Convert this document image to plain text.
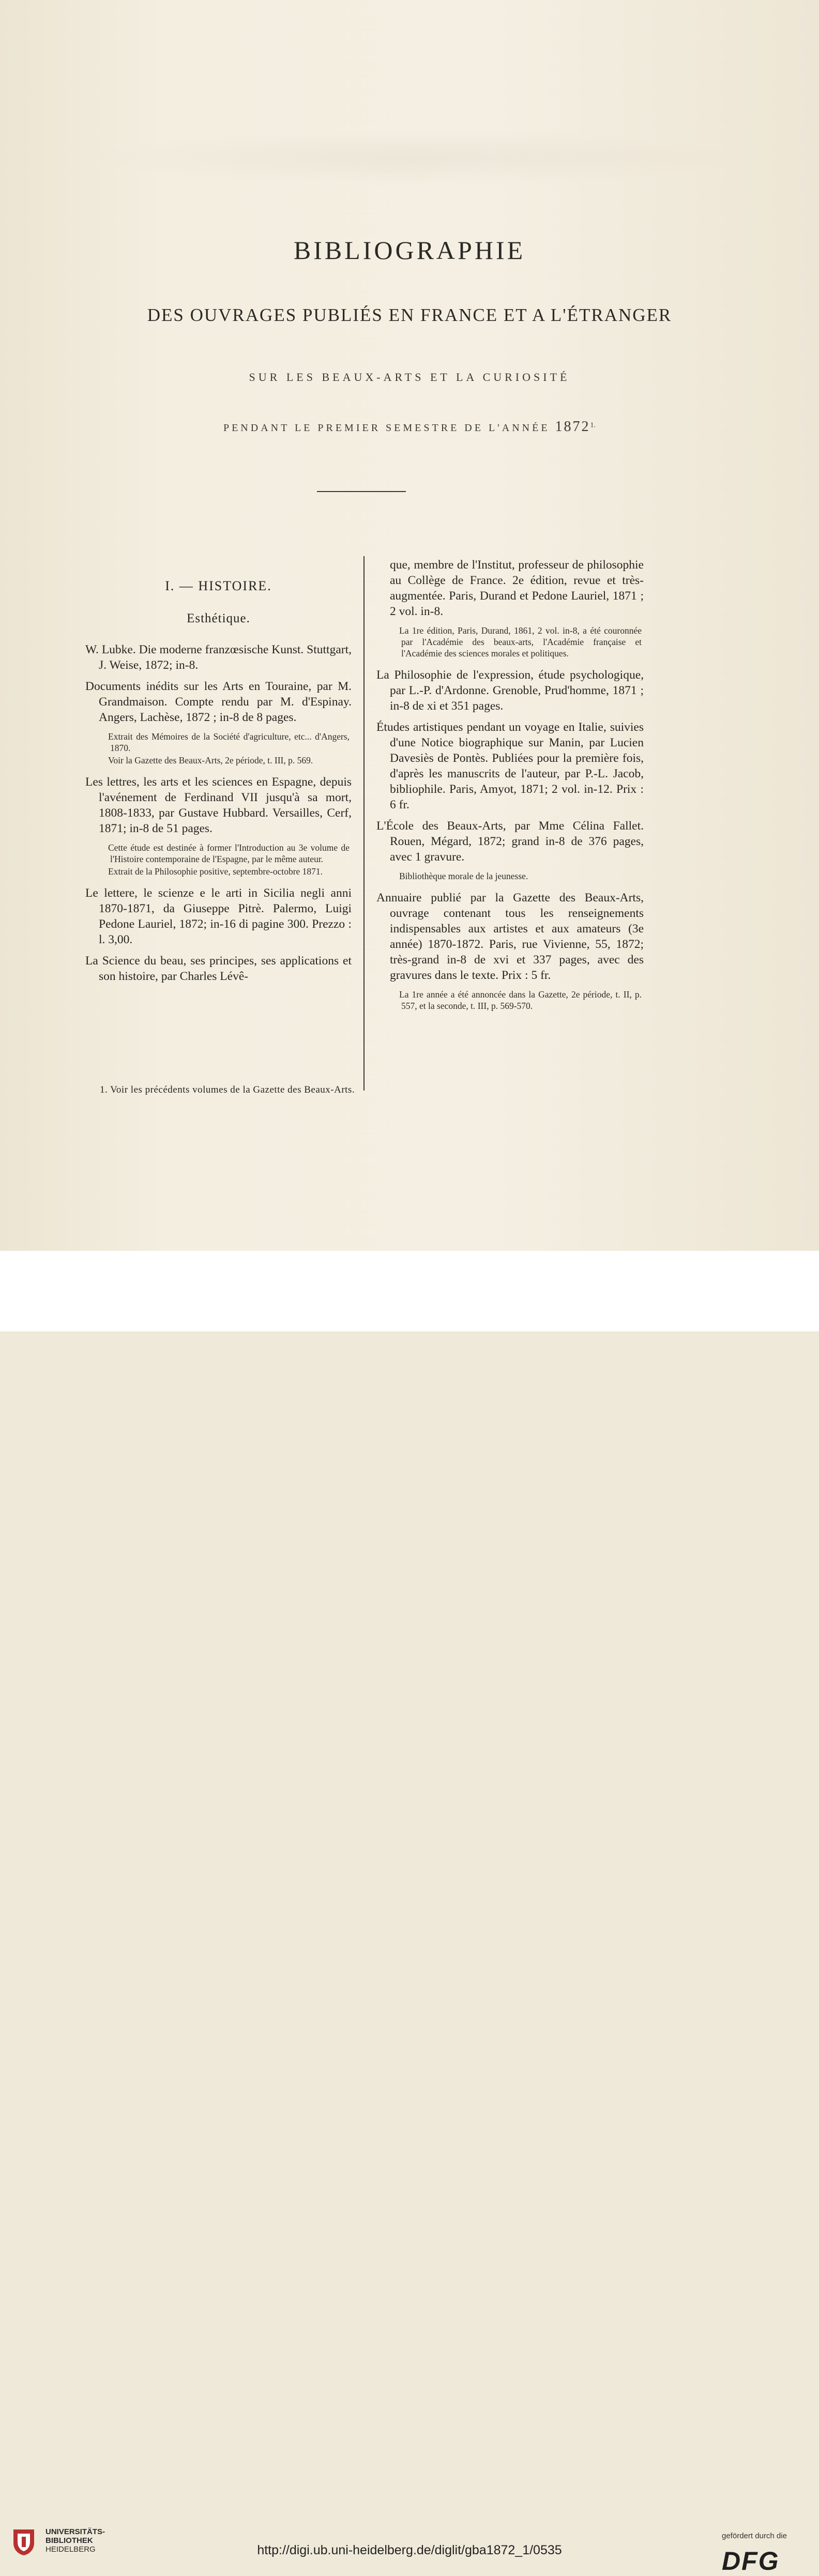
BIBLIOGRAPHIE
DES OUVRAGES PUBLIÉS EN FRANCE ET A L'ÉTRANGER
SUR LES BEAUX-ARTS ET LA CURIOSITÉ
PENDANT LE PREMIER SEMESTRE DE L'ANNÉE $1872^{1.}$
I. — HISTOIRE.
Esthétique.
W. Lubke. Die moderne franzœsische Kunst. Stuttgart, J. Weise, 1872; in-8.
Documents inédits sur les Arts en Touraine, par M. Grandmaison. Compte rendu par M. d'Espinay. Angers, Lachèse, 1872 ; in-8 de 8 pages.
Extrait des Mémoires de la Société d'agriculture, etc... d'Angers, 1870.
Voir la Gazette des Beaux-Arts, 2e période, t. III, p. 569.
Les lettres, les arts et les sciences en Espagne, depuis l'avénement de Ferdinand VII jusqu'à sa mort, 1808-1833, par Gustave Hubbard. Versailles, Cerf, 1871; in-8 de 51 pages.
Cette étude est destinée à former l'Introduction au 3e volume de l'Histoire contemporaine de l'Espagne, par le même auteur.
Extrait de la Philosophie positive, septembre-octobre 1871.
Le lettere, le scienze e le arti in Sicilia negli anni 1870-1871, da Giuseppe Pitrè. Palermo, Luigi Pedone Lauriel, 1872; in-16 di pagine 300. Prezzo : l. 3,00.
La Science du beau, ses principes, ses applications et son histoire, par Charles Lévê-
que, membre de l'Institut, professeur de philosophie au Collège de France. 2e édition, revue et très-augmentée. Paris, Durand et Pedone Lauriel, 1871 ; 2 vol. in-8.
La 1re édition, Paris, Durand, 1861, 2 vol. in-8, a été couronnée par l'Académie des beaux-arts, l'Académie française et l'Académie des sciences morales et politiques.
La Philosophie de l'expression, étude psychologique, par L.-P. d'Ardonne. Grenoble, Prud'homme, 1871 ; in-8 de xi et 351 pages.
Études artistiques pendant un voyage en Italie, suivies d'une Notice biographique sur Manin, par Lucien Davesiès de Pontès. Publiées pour la première fois, d'après les manuscrits de l'auteur, par P.-L. Jacob, bibliophile. Paris, Amyot, 1871; 2 vol. in-12. Prix : 6 fr.
L'École des Beaux-Arts, par Mme Célina Fallet. Rouen, Mégard, 1872; grand in-8 de 376 pages, avec 1 gravure.
Bibliothèque morale de la jeunesse.
Annuaire publié par la Gazette des Beaux-Arts, ouvrage contenant tous les renseignements indispensables aux artistes et aux amateurs (3e année) 1870-1872. Paris, rue Vivienne, 55, 1872; très-grand in-8 de xvi et 337 pages, avec des gravures dans le texte. Prix : 5 fr.
La 1re année a été annoncée dans la Gazette, 2e période, t. II, p. 557, et la seconde, t. III, p. 569-570.
1. Voir les précédents volumes de la Gazette des Beaux-Arts.
UNIVERSITÄTS-
BIBLIOTHEK
HEIDELBERG	http://digi.ub.uni-heidelberg.de/diglit/gba1872_1/0535
gefördert durch die
DFG
